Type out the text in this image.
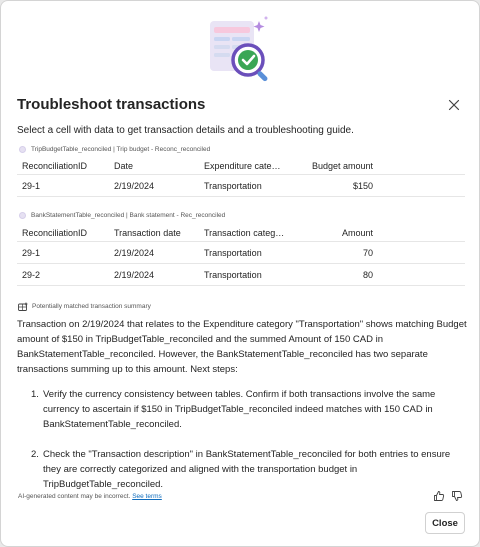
Troubleshoot transactions
Select a cell with data to get transaction details and a troubleshooting guide.
TripBudgetTable_reconciled | Trip budget - Reconc_reconciled
ReconciliationID	Date	Expenditure cate…	Budget amount
29-1	2/19/2024	Transportation	$150
BankStatementTable_reconciled | Bank statement - Rec_reconciled
ReconciliationID	Transaction date	Transaction categ…	Amount
29-1	2/19/2024	Transportation	70
29-2	2/19/2024	Transportation	80
Potentially matched transaction summary
Transaction on 2/19/2024 that relates to the Expenditure category "Transportation" shows matching Budget amount of $150 in TripBudgetTable_reconciled and the summed Amount of 150 CAD in BankStatementTable_reconciled. However, the BankStatementTable_reconciled has two separate transactions summing up to this amount. Next steps:
1. Verify the currency consistency between tables. Confirm if both transactions involve the same currency to ascertain if $150 in TripBudgetTable_reconciled indeed matches with 150 CAD in BankStatementTable_reconciled.
2. Check the "Transaction description" in BankStatementTable_reconciled for both entries to ensure they are correctly categorized and aligned with the transportation budget in TripBudgetTable_reconciled.
AI-generated content may be incorrect. See terms
Close
